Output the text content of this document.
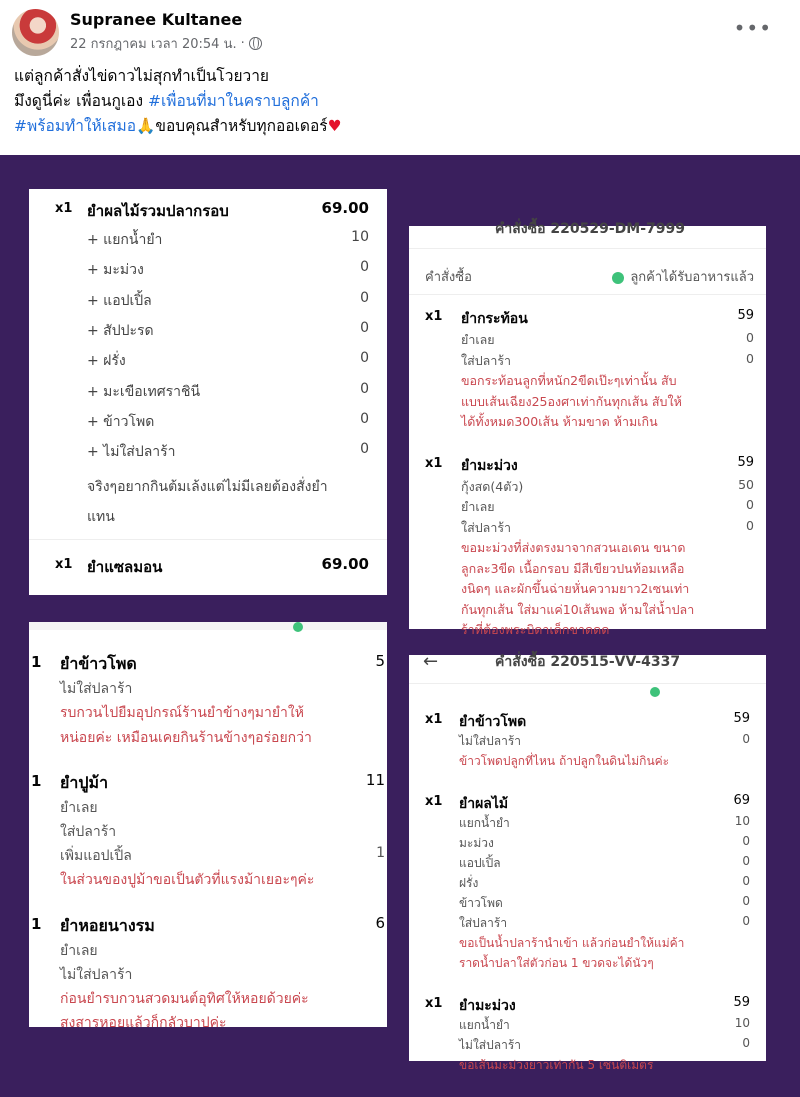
Supranee Kultanee
22 กรกฎาคม เวลา 20:54 น. ·
•••
แต่ลูกค้าสั่งไข่ดาวไม่สุกทำเป็นโวยวาย
มึงดูนี่ค่ะ เพื่อนกูเอง #เพื่อนที่มาในคราบลูกค้า
#พร้อมทำให้เสมอ🙏ขอบคุณสำหรับทุกออเดอร์♥
x1 ยำผลไม้รวมปลากรอบ	69.00
+ แยกน้ำยำ	10
+ มะม่วง	0
+ แอปเปิ้ล	0
+ สัปปะรด	0
+ ฝรั่ง	0
+ มะเขือเทศราชินี	0
+ ข้าวโพด	0
+ ไม่ใส่ปลาร้า	0
จริงๆอยากกินต้มเล้งแต่ไม่มีเลยต้องสั่งยำ
แทน
x1 ยำแซลมอน	69.00
คำสั่งซื้อ 220529-DM-7999
คำสั่งซื้อ	ลูกค้าได้รับอาหารแล้ว
x1 ยำกระท้อน	59
ยำเลย	0
ใส่ปลาร้า	0
ขอกระท้อนลูกที่หนัก2ขีดเป๊ะๆเท่านั้น สับ
แบบเส้นเฉียง25องศาเท่ากันทุกเส้น สับให้
ได้ทั้งหมด300เส้น ห้ามขาด ห้ามเกิน
x1 ยำมะม่วง	59
กุ้งสด(4ตัว)	50
ยำเลย	0
ใส่ปลาร้า	0
ขอมะม่วงที่ส่งตรงมาจากสวนเอเดน ขนาด
ลูกละ3ขีด เนื้อกรอบ มีสีเขียวปนท้อมเหลือ
งนิดๆ และผักขึ้นฉ่ายหั่นความยาว2เซนเท่า
กันทุกเส้น ใส่มาแค่10เส้นพอ ห้ามใส่น้ำปลา
ร้าที่ต้องพระบิดาเด็กขาดดด
1 ยำข้าวโพด	5
ไม่ใส่ปลาร้า
รบกวนไปยืมอุปกรณ์ร้านยำข้างๆมายำให้
หน่อยค่ะ เหมือนเคยกินร้านข้างๆอร่อยกว่า
1 ยำปูม้า	11
ยำเลย
ใส่ปลาร้า
เพิ่มแอปเปิ้ล	1
ในส่วนของปูม้าขอเป็นตัวที่แรงม้าเยอะๆค่ะ
1 ยำหอยนางรม	6
ยำเลย
ไม่ใส่ปลาร้า
ก่อนยำรบกวนสวดมนต์อุทิศให้หอยด้วยค่ะ
สงสารหอยแล้วก็กลัวบาปค่ะ
←	คำสั่งซื้อ 220515-VV-4337
x1 ยำข้าวโพด	59
ไม่ใส่ปลาร้า	0
ข้าวโพดปลูกที่ไหน ถ้าปลูกในดินไม่กินค่ะ
x1 ยำผลไม้	69
แยกน้ำยำ	10
มะม่วง	0
แอปเปิ้ล	0
ฝรั่ง	0
ข้าวโพด	0
ใส่ปลาร้า	0
ขอเป็นน้ำปลาร้านำเข้า แล้วก่อนยำให้แม่ค้า
ราดน้ำปลาใส่ตัวก่อน 1 ขวดจะได้นัวๆ
x1 ยำมะม่วง	59
แยกน้ำยำ	10
ไม่ใส่ปลาร้า	0
ขอเส้นมะม่วงยาวเท่ากัน 5 เซนติเมตร
